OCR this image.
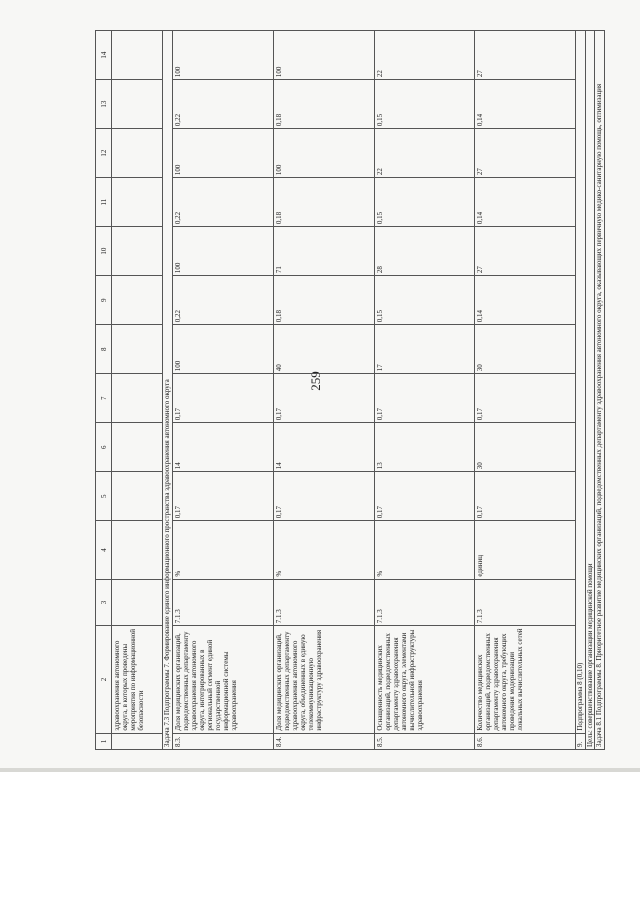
259
1	2	3	4	5	6	7	8	9	10	11	12	13	14
	здравоохранения автономного округа, в которых проведены мероприятия по информационной безопасности												
Задача 7.3 Подпрограммы 7. Формирование единого информационного пространства здравоохранения автономного округа													
8.3.	Доля медицинских организаций, подведомственных департаменту здравоохранения автономного округа, интегрированных в региональный сегмент единой государственной информационной системы здравоохранения	7.1.3	%	0,17	14	0,17	100	0,22	100	0,22	100	0,22	100
8.4.	Доля медицинских организаций, подведомственных департаменту здравоохранения автономного округа, объединенных в единую телекоммуникационную инфраструктуру здравоохранения	7.1.3	%	0,17	14	0,17	40	0,18	71	0,18	100	0,18	100
8.5.	Оснащенность медицинских организаций, подведомственных департаменту здравоохранения автономного округа, элементами вычислительной инфраструктуры здравоохранения	7.1.3	%	0,17	13	0,17	17	0,15	28	0,15	22	0,15	22
8.6.	Количество медицинских организаций, подведомственных департаменту здравоохранения автономного округа, требующих проведения модернизации локальных вычислительных сетей	7.1.3	единиц	0,17	30	0,17	30	0,14	27	0,14	27	0,14	27
9.	Подпрограмма 8 (0,10)												
Цель: совершенствование организации медицинской помощи													
Задача 8.1 Подпрограммы 8. Приоритетное развитие медицинских организаций, подведомственных департаменту здравоохранения автономного округа, оказывающих первичную медико-санитарную помощь, оптимизация													
